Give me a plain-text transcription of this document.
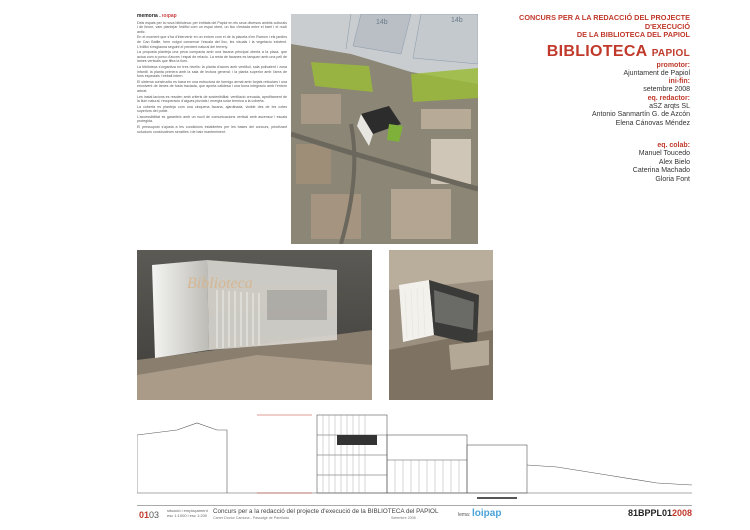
memoria . loipap

Dels espais per la nova biblioteca: per entitats del Papiol en els seus diversos ambits culturals i de lleure, vam plantejar l'edifici com un espai obert, un lloc d'estada entre el barri i el nucli antic.

En el moment que s'ha d'intervenir en un entorn com el de la placeta d'en Ramon i els jardins de Can Batlle, hem volgut conservar l'escala del lloc, les visuals i la vegetacio existent. L'edifici s'esglaona seguint el pendent natural del terreny.

La proposta planteja una peca compacta amb una facana principal oberta a la placa, que actua com a porxo d'acces i espai de relacio. La resta de facanes es tanquen amb una pell de lames verticals que filtra la llum.

La biblioteca s'organitza en tres nivells: la planta d'acces amb vestibul, sala polivalent i zona infantil; la planta primera amb la sala de lectura general; i la planta superior amb l'area de fons especials i treball intern.

El sistema constructiu es basa en una estructura de formigo armat amb forjats reticulars i una envolvent de lames de fusta tractada, que aporta calidesa i una bona integracio amb l'entorn arbrat.

Les instal.lacions es resolen amb criteris de sostenibilitat: ventilacio creuada, aprofitament de la llum natural, recuperacio d'aigues pluvials i energia solar termica a la coberta.

La coberta es planteja com una cinquena facana, ajardinada, visible des de les cotes superiors del poble.

L'accessibilitat es garanteix amb un nucli de comunicacions vertical amb ascensor i escala protegida.

El pressupost s'ajusta a les condicions establertes per les bases del concurs, prioritzant solucions constructives senzilles i de baix manteniment.

14b	14b	CONCURS PER A LA REDACCIÓ DEL PROJECTE D'EXECUCIÓ
DE LA BIBLIOTECA DEL PAPIOL
BIBLIOTECA PAPIOL
promotor:
Ajuntament de Papiol
ini-fin:
setembre 2008
eq. redactor:
aSZ arqts SL
Antonio Sanmartín G. de Azcón
Elena Cánovas Méndez
eq. colab:
Manuel Toucedo
Alex Bielo
Caterina Machado
Gloria Font
Biblioteca
0103 situació i emplaçament
esc 1:1000 i esc 1:200
Concurs per a la redacció del projecte d'execució de la BIBLIOTECA del PAPIOL
Carrer Doctor Cardona - Passatge de Parellada	Setembre 2008	lema: loipap	81BPPL012008
